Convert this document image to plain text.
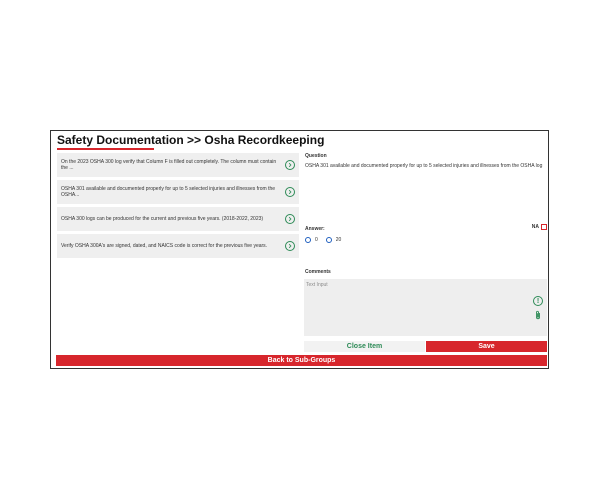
Safety Documentation >> Osha Recordkeeping
On the 2023 OSHA 300 log verify that Column F is filled out completely. The column must contain the ...
OSHA 301 available and documented properly for up to 5 selected injuries and illnesses from the OSHA...
OSHA 300 logs can be produced for the current and previous five years. (2018-2022, 2023)
Verify OSHA 300A's are signed, dated, and NAICS code is correct for the previous five years.
Question
OSHA 301 available and documented properly for up to 5 selected injuries and illnesses from the OSHA log
Answer:	NA
0	20
Comments
Text Input
!
Close Item	Save
Back to Sub-Groups
